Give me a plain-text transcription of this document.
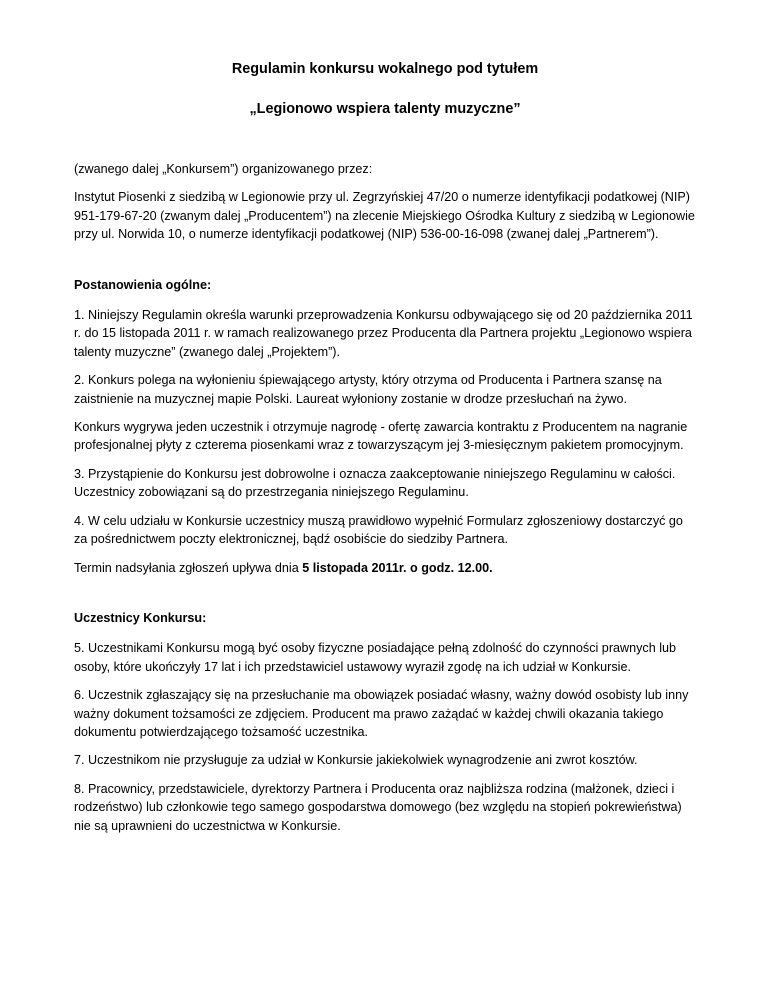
Regulamin konkursu wokalnego pod tytułem
„Legionowo wspiera talenty muzyczne”

(zwanego dalej „Konkursem”) organizowanego przez:

Instytut Piosenki z siedzibą w Legionowie przy ul. Zegrzyńskiej 47/20 o numerze identyfikacji podatkowej (NIP) 951-179-67-20 (zwanym dalej „Producentem”) na zlecenie Miejskiego Ośrodka Kultury z siedzibą w Legionowie przy ul. Norwida 10, o numerze identyfikacji podatkowej (NIP) 536-00-16-098 (zwanej dalej „Partnerem”).

Postanowienia ogólne:

1. Niniejszy Regulamin określa warunki przeprowadzenia Konkursu odbywającego się od 20 października 2011 r. do 15 listopada 2011 r. w ramach realizowanego przez Producenta dla Partnera projektu „Legionowo wspiera talenty muzyczne” (zwanego dalej „Projektem”).

2. Konkurs polega na wyłonieniu śpiewającego artysty, który otrzyma od Producenta i Partnera szansę na zaistnienie na muzycznej mapie Polski. Laureat wyłoniony zostanie w drodze przesłuchań na żywo.

Konkurs wygrywa jeden uczestnik i otrzymuje nagrodę - ofertę zawarcia kontraktu z Producentem na nagranie profesjonalnej płyty z czterema piosenkami wraz z towarzyszącym jej 3-miesięcznym pakietem promocyjnym.

3. Przystąpienie do Konkursu jest dobrowolne i oznacza zaakceptowanie niniejszego Regulaminu w całości. Uczestnicy zobowiązani są do przestrzegania niniejszego Regulaminu.

4. W celu udziału w Konkursie uczestnicy muszą prawidłowo wypełnić Formularz zgłoszeniowy dostarczyć go za pośrednictwem poczty elektronicznej, bądź osobiście do siedziby Partnera.

Termin nadsyłania zgłoszeń upływa dnia 5 listopada 2011r. o godz. 12.00.

Uczestnicy Konkursu:

5. Uczestnikami Konkursu mogą być osoby fizyczne posiadające pełną zdolność do czynności prawnych lub osoby, które ukończyły 17 lat i ich przedstawiciel ustawowy wyraził zgodę na ich udział w Konkursie.

6. Uczestnik zgłaszający się na przesłuchanie ma obowiązek posiadać własny, ważny dowód osobisty lub inny ważny dokument tożsamości ze zdjęciem. Producent ma prawo zażądać w każdej chwili okazania takiego dokumentu potwierdzającego tożsamość uczestnika.

7. Uczestnikom nie przysługuje za udział w Konkursie jakiekolwiek wynagrodzenie ani zwrot kosztów.

8. Pracownicy, przedstawiciele, dyrektorzy Partnera i Producenta oraz najbliższa rodzina (małżonek, dzieci i rodzeństwo) lub członkowie tego samego gospodarstwa domowego (bez względu na stopień pokrewieństwa) nie są uprawnieni do uczestnictwa w Konkursie.
